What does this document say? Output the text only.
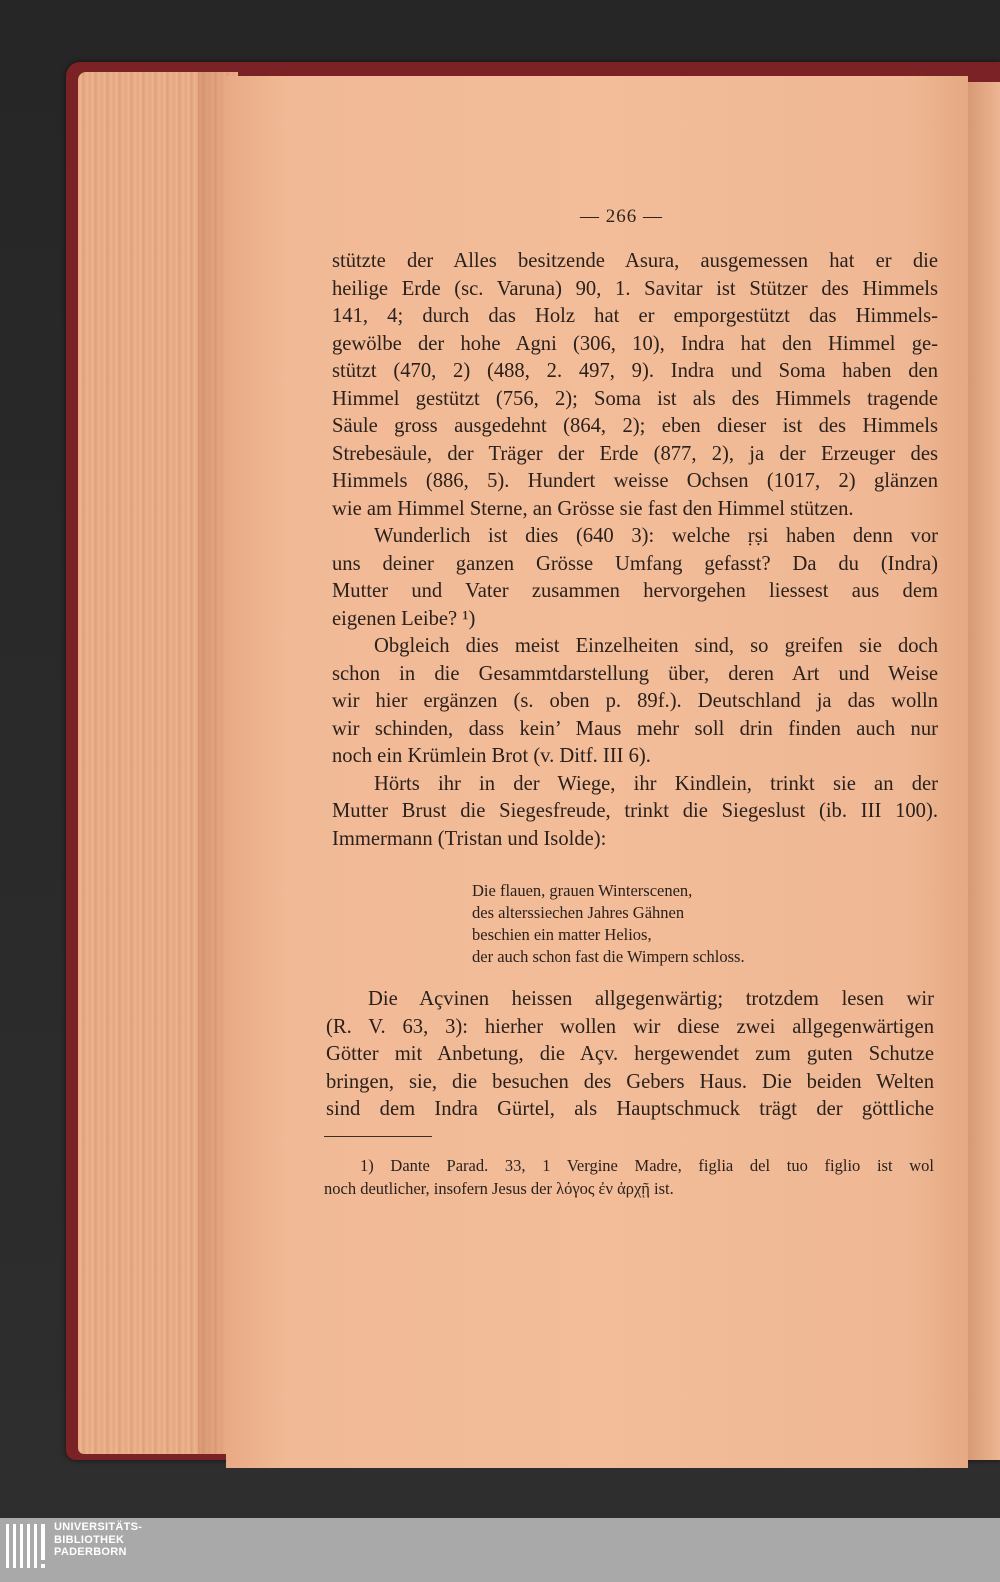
— 266 —
stützte der Alles besitzende Asura, ausgemessen hat er die
heilige Erde (sc. Varuna) 90, 1. Savitar ist Stützer des Himmels
141, 4; durch das Holz hat er emporgestützt das Himmels-
gewölbe der hohe Agni (306, 10), Indra hat den Himmel ge-
stützt (470, 2) (488, 2. 497, 9). Indra und Soma haben den
Himmel gestützt (756, 2); Soma ist als des Himmels tragende
Säule gross ausgedehnt (864, 2); eben dieser ist des Himmels
Strebesäule, der Träger der Erde (877, 2), ja der Erzeuger des
Himmels (886, 5). Hundert weisse Ochsen (1017, 2) glänzen
wie am Himmel Sterne, an Grösse sie fast den Himmel stützen.
Wunderlich ist dies (640 3): welche ṛṣi haben denn vor
uns deiner ganzen Grösse Umfang gefasst? Da du (Indra)
Mutter und Vater zusammen hervorgehen liessest aus dem
eigenen Leibe? ¹)
Obgleich dies meist Einzelheiten sind, so greifen sie doch
schon in die Gesammtdarstellung über, deren Art und Weise
wir hier ergänzen (s. oben p. 89f.). Deutschland ja das wolln
wir schinden, dass kein’ Maus mehr soll drin finden auch nur
noch ein Krümlein Brot (v. Ditf. III 6).
Hörts ihr in der Wiege, ihr Kindlein, trinkt sie an der
Mutter Brust die Siegesfreude, trinkt die Siegeslust (ib. III 100).
Immermann (Tristan und Isolde):
Die flauen, grauen Winterscenen,
des alterssiechen Jahres Gähnen
beschien ein matter Helios,
der auch schon fast die Wimpern schloss.
Die Açvinen heissen allgegenwärtig; trotzdem lesen wir
(R. V. 63, 3): hierher wollen wir diese zwei allgegenwärtigen
Götter mit Anbetung, die Açv. hergewendet zum guten Schutze
bringen, sie, die besuchen des Gebers Haus. Die beiden Welten
sind dem Indra Gürtel, als Hauptschmuck trägt der göttliche
1) Dante Parad. 33, 1 Vergine Madre, figlia del tuo figlio ist wol
noch deutlicher, insofern Jesus der λόγος ἐν ἀρχῇ ist.
UNIVERSITÄTS-
BIBLIOTHEK
PADERBORN
